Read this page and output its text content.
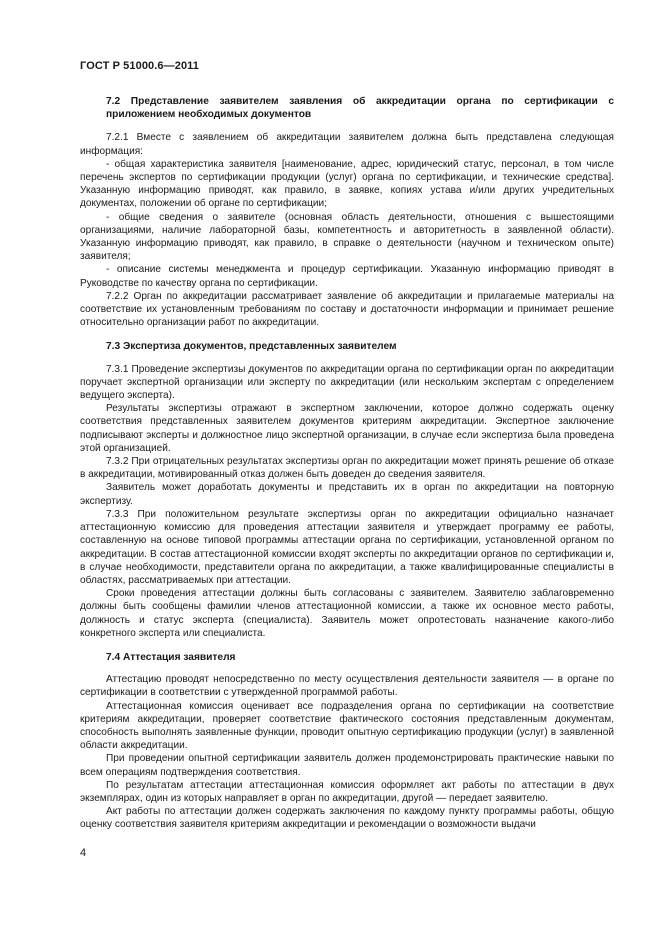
ГОСТ Р 51000.6—2011
7.2 Представление заявителем заявления об аккредитации органа по сертификации с приложением необходимых документов

7.2.1 Вместе с заявлением об аккредитации заявителем должна быть представлена следующая информация:

- общая характеристика заявителя [наименование, адрес, юридический статус, персонал, в том числе перечень экспертов по сертификации продукции (услуг) органа по сертификации, и технические средства]. Указанную информацию приводят, как правило, в заявке, копиях устава и/или других учредительных документах, положении об органе по сертификации;

- общие сведения о заявителе (основная область деятельности, отношения с вышестоящими организациями, наличие лабораторной базы, компетентность и авторитетность в заявленной области). Указанную информацию приводят, как правило, в справке о деятельности (научном и техническом опыте) заявителя;

- описание системы менеджмента и процедур сертификации. Указанную информацию приводят в Руководстве по качеству органа по сертификации.

7.2.2 Орган по аккредитации рассматривает заявление об аккредитации и прилагаемые материалы на соответствие их установленным требованиям по составу и достаточности информации и принимает решение относительно организации работ по аккредитации.

7.3 Экспертиза документов, представленных заявителем

7.3.1 Проведение экспертизы документов по аккредитации органа по сертификации орган по аккредитации поручает экспертной организации или эксперту по аккредитации (или нескольким экспертам с определением ведущего эксперта).

Результаты экспертизы отражают в экспертном заключении, которое должно содержать оценку соответствия представленных заявителем документов критериям аккредитации. Экспертное заключение подписывают эксперты и должностное лицо экспертной организации, в случае если экспертиза была проведена этой организацией.

7.3.2 При отрицательных результатах экспертизы орган по аккредитации может принять решение об отказе в аккредитации, мотивированный отказ должен быть доведен до сведения заявителя.

Заявитель может доработать документы и представить их в орган по аккредитации на повторную экспертизу.

7.3.3 При положительном результате экспертизы орган по аккредитации официально назначает аттестационную комиссию для проведения аттестации заявителя и утверждает программу ее работы, составленную на основе типовой программы аттестации органа по сертификации, установленной органом по аккредитации. В состав аттестационной комиссии входят эксперты по аккредитации органов по сертификации и, в случае необходимости, представители органа по аккредитации, а также квалифицированные специалисты в областях, рассматриваемых при аттестации.

Сроки проведения аттестации должны быть согласованы с заявителем. Заявителю заблаговременно должны быть сообщены фамилии членов аттестационной комиссии, а также их основное место работы, должность и статус эксперта (специалиста). Заявитель может опротестовать назначение какого-либо конкретного эксперта или специалиста.

7.4 Аттестация заявителя

Аттестацию проводят непосредственно по месту осуществления деятельности заявителя — в органе по сертификации в соответствии с утвержденной программой работы.

Аттестационная комиссия оценивает все подразделения органа по сертификации на соответствие критериям аккредитации, проверяет соответствие фактического состояния представленным документам, способность выполнять заявленные функции, проводит опытную сертификацию продукции (услуг) в заявленной области аккредитации.

При проведении опытной сертификации заявитель должен продемонстрировать практические навыки по всем операциям подтверждения соответствия.

По результатам аттестации аттестационная комиссия оформляет акт работы по аттестации в двух экземплярах, один из которых направляет в орган по аккредитации, другой — передает заявителю.

Акт работы по аттестации должен содержать заключения по каждому пункту программы работы, общую оценку соответствия заявителя критериям аккредитации и рекомендации о возможности выдачи

4
